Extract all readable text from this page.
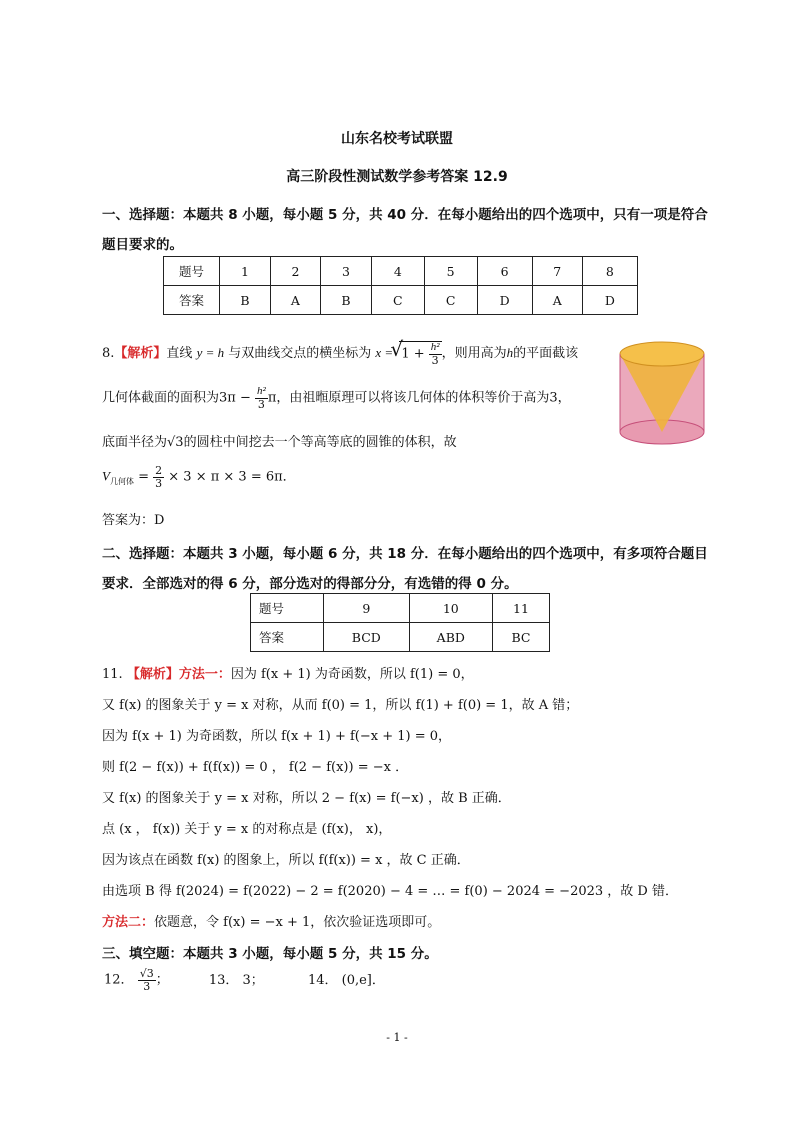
山东名校考试联盟
高三阶段性测试数学参考答案 12.9
一、选择题：本题共 8 小题，每小题 5 分，共 40 分．在每小题给出的四个选项中，只有一项是符合
题目要求的。
题号	1	2	3	4	5	6	7	8
答案	B	A	B	C	C	D	A	D
8.【解析】直线 y = h 与双曲线交点的横坐标为 x =
√
$1 + \frac{\text{h²}}{3}$ ，则用高为h的平面截该
几何体截面的面积为$3\pi - \frac{\text{h²}}{3}$ π，由祖暅原理可以将该几何体的体积等价于高为3，
底面半径为√3的圆柱中间挖去一个等高等底的圆锥的体积，故
$V_{几何体} = \frac{2}{3} \times 3 \times \pi \times 3 = 6\pi$．
答案为：D
二、选择题：本题共 3 小题，每小题 6 分，共 18 分．在每小题给出的四个选项中，有多项符合题目
要求．全部选对的得 6 分，部分选对的得部分分，有选错的得 0 分。
题号	9	10	11
答案	BCD	ABD	BC
11. 【解析】方法一：因为 f(x + 1) 为奇函数，所以 f(1) = 0，
又 f(x) 的图象关于 y = x 对称，从而 f(0) = 1，所以 f(1) + f(0) = 1，故 A 错；
因为 f(x + 1) 为奇函数，所以 f(x + 1) + f(−x + 1) = 0，
则 f(2 − f(x)) + f(f(x)) = 0 ， f(2 − f(x)) = −x ．
又 f(x) 的图象关于 y = x 对称，所以 2 − f(x) = f(−x) ，故 B 正确．
点 (x ， f(x)) 关于 y = x 的对称点是 (f(x)， x)，
因为该点在函数 f(x) 的图象上，所以 f(f(x)) = x ，故 C 正确．
由选项 B 得 f(2024) = f(2022) − 2 = f(2020) − 4 = … = f(0) − 2024 = −2023 ，故 D 错．
方法二：依题意，令 f(x) = −x + 1，依次验证选项即可。
三、填空题：本题共 3 小题，每小题 5 分，共 15 分。
12． $\frac{√3}{3}$ ；	13． 3；	14． (0,e]．
- 1 -
